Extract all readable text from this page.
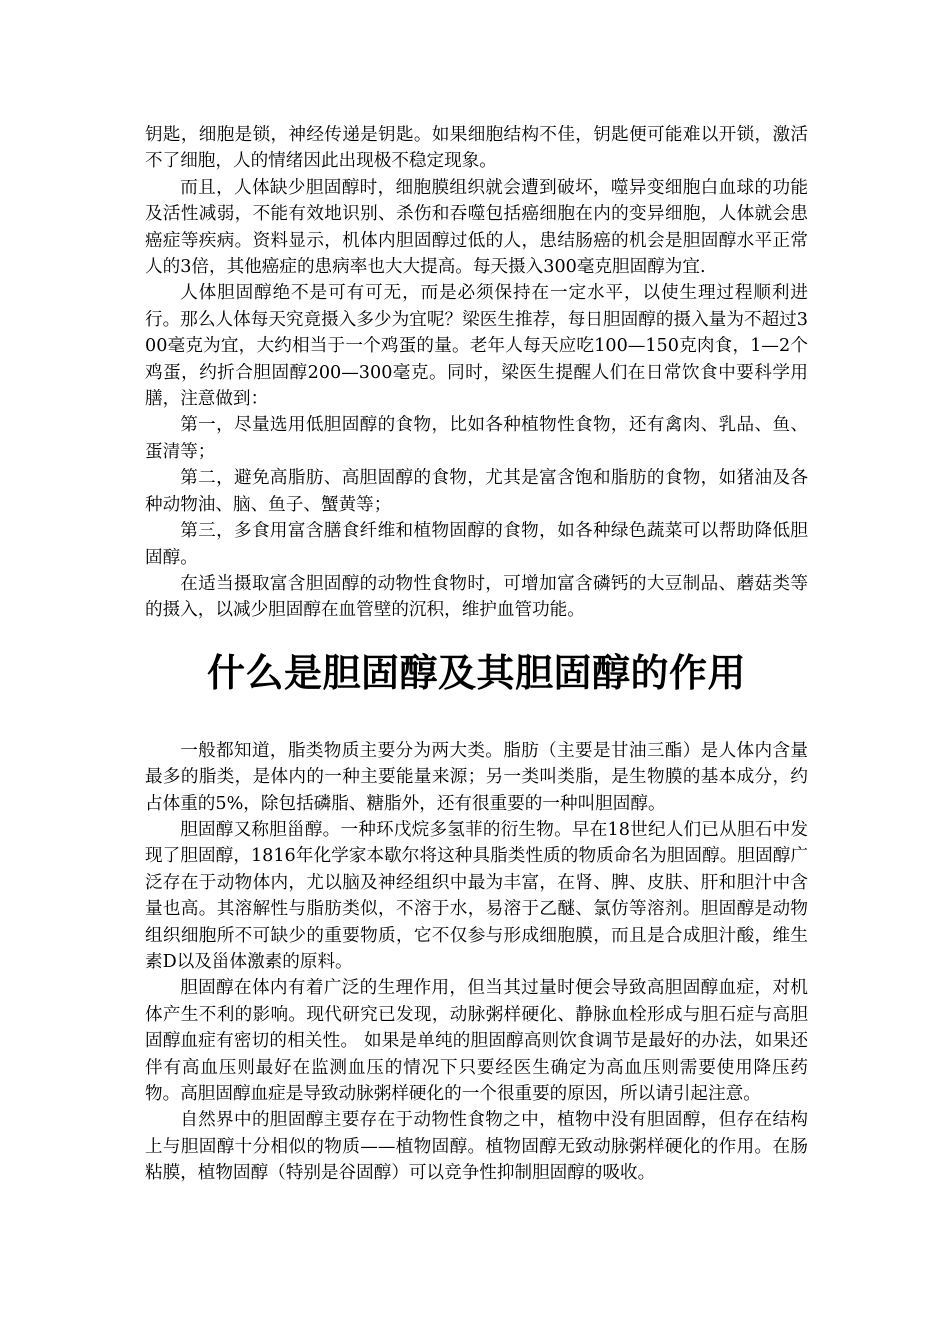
钥匙，细胞是锁，神经传递是钥匙。如果细胞结构不佳，钥匙便可能难以开锁，激活不了细胞，人的情绪因此出现极不稳定现象。

而且，人体缺少胆固醇时，细胞膜组织就会遭到破坏，噬异变细胞白血球的功能及活性减弱，不能有效地识别、杀伤和吞噬包括癌细胞在内的变异细胞，人体就会患癌症等疾病。资料显示，机体内胆固醇过低的人，患结肠癌的机会是胆固醇水平正常人的3倍，其他癌症的患病率也大大提高。每天摄入300毫克胆固醇为宜.

人体胆固醇绝不是可有可无，而是必须保持在一定水平，以使生理过程顺利进行。那么人体每天究竟摄入多少为宜呢？梁医生推荐，每日胆固醇的摄入量为不超过300毫克为宜，大约相当于一个鸡蛋的量。老年人每天应吃100—150克肉食，1—2个鸡蛋，约折合胆固醇200—300毫克。同时，梁医生提醒人们在日常饮食中要科学用膳，注意做到：

第一，尽量选用低胆固醇的食物，比如各种植物性食物，还有禽肉、乳品、鱼、蛋清等；

第二，避免高脂肪、高胆固醇的食物，尤其是富含饱和脂肪的食物，如猪油及各种动物油、脑、鱼子、蟹黄等；

第三，多食用富含膳食纤维和植物固醇的食物，如各种绿色蔬菜可以帮助降低胆固醇。

在适当摄取富含胆固醇的动物性食物时，可增加富含磷钙的大豆制品、蘑菇类等的摄入，以减少胆固醇在血管壁的沉积，维护血管功能。

什么是胆固醇及其胆固醇的作用

一般都知道，脂类物质主要分为两大类。脂肪（主要是甘油三酯）是人体内含量最多的脂类，是体内的一种主要能量来源；另一类叫类脂，是生物膜的基本成分，约占体重的5%，除包括磷脂、糖脂外，还有很重要的一种叫胆固醇。

胆固醇又称胆甾醇。一种环戊烷多氢菲的衍生物。早在18世纪人们已从胆石中发现了胆固醇，1816年化学家本歇尔将这种具脂类性质的物质命名为胆固醇。胆固醇广泛存在于动物体内，尤以脑及神经组织中最为丰富，在肾、脾、皮肤、肝和胆汁中含量也高。其溶解性与脂肪类似，不溶于水，易溶于乙醚、氯仿等溶剂。胆固醇是动物组织细胞所不可缺少的重要物质，它不仅参与形成细胞膜，而且是合成胆汁酸，维生素D以及甾体激素的原料。

胆固醇在体内有着广泛的生理作用，但当其过量时便会导致高胆固醇血症，对机体产生不利的影响。现代研究已发现，动脉粥样硬化、静脉血栓形成与胆石症与高胆固醇血症有密切的相关性。 如果是单纯的胆固醇高则饮食调节是最好的办法，如果还伴有高血压则最好在监测血压的情况下只要经医生确定为高血压则需要使用降压药物。高胆固醇血症是导致动脉粥样硬化的一个很重要的原因，所以请引起注意。

自然界中的胆固醇主要存在于动物性食物之中，植物中没有胆固醇，但存在结构上与胆固醇十分相似的物质——植物固醇。植物固醇无致动脉粥样硬化的作用。在肠粘膜，植物固醇（特别是谷固醇）可以竞争性抑制胆固醇的吸收。
